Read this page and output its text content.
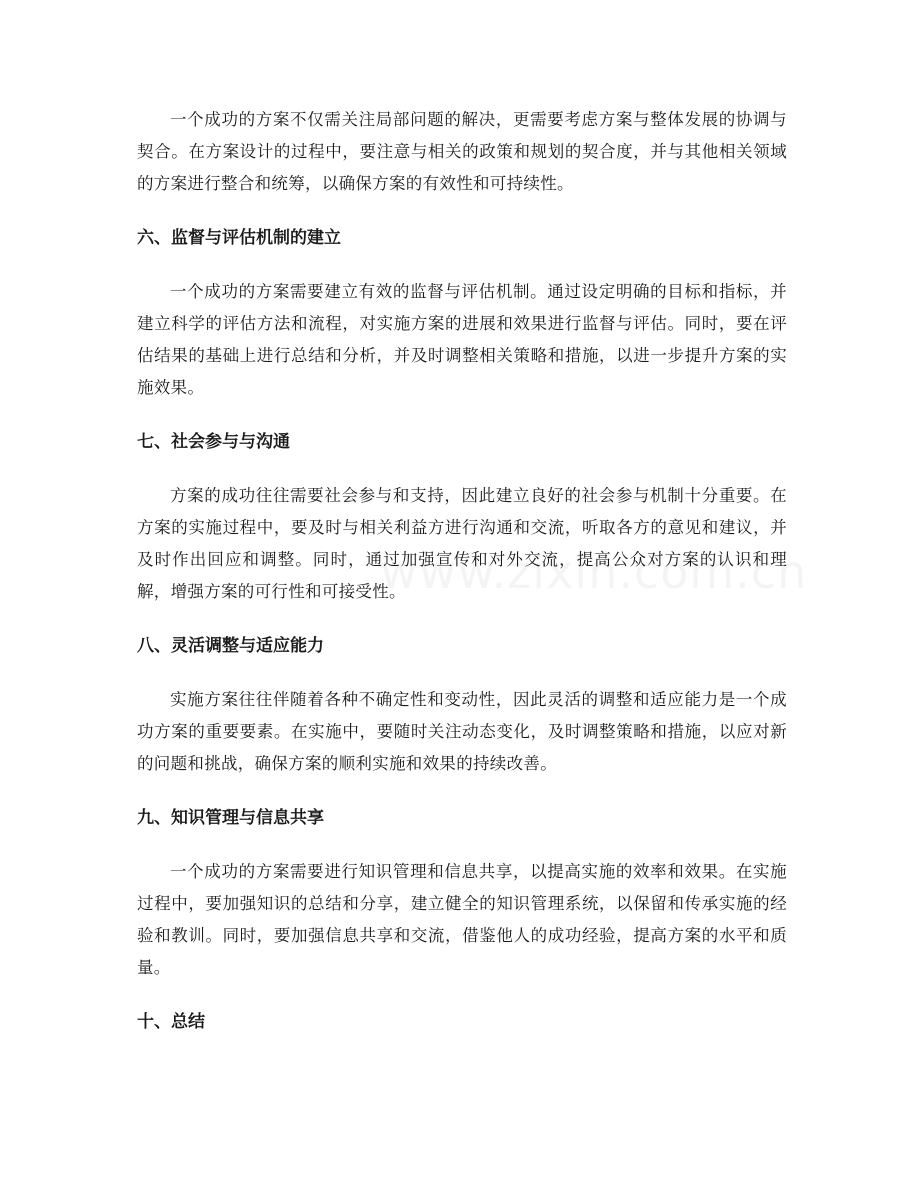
一个成功的方案不仅需关注局部问题的解决，更需要考虑方案与整体发展的协调与契合。在方案设计的过程中，要注意与相关的政策和规划的契合度，并与其他相关领域的方案进行整合和统筹，以确保方案的有效性和可持续性。

六、监督与评估机制的建立

一个成功的方案需要建立有效的监督与评估机制。通过设定明确的目标和指标，并建立科学的评估方法和流程，对实施方案的进展和效果进行监督与评估。同时，要在评估结果的基础上进行总结和分析，并及时调整相关策略和措施，以进一步提升方案的实施效果。

七、社会参与与沟通

方案的成功往往需要社会参与和支持，因此建立良好的社会参与机制十分重要。在方案的实施过程中，要及时与相关利益方进行沟通和交流，听取各方的意见和建议，并及时作出回应和调整。同时，通过加强宣传和对外交流，提高公众对方案的认识和理解，增强方案的可行性和可接受性。

八、灵活调整与适应能力

实施方案往往伴随着各种不确定性和变动性，因此灵活的调整和适应能力是一个成功方案的重要要素。在实施中，要随时关注动态变化，及时调整策略和措施，以应对新的问题和挑战，确保方案的顺利实施和效果的持续改善。

九、知识管理与信息共享

一个成功的方案需要进行知识管理和信息共享，以提高实施的效率和效果。在实施过程中，要加强知识的总结和分享，建立健全的知识管理系统，以保留和传承实施的经验和教训。同时，要加强信息共享和交流，借鉴他人的成功经验，提高方案的水平和质量。

十、总结
